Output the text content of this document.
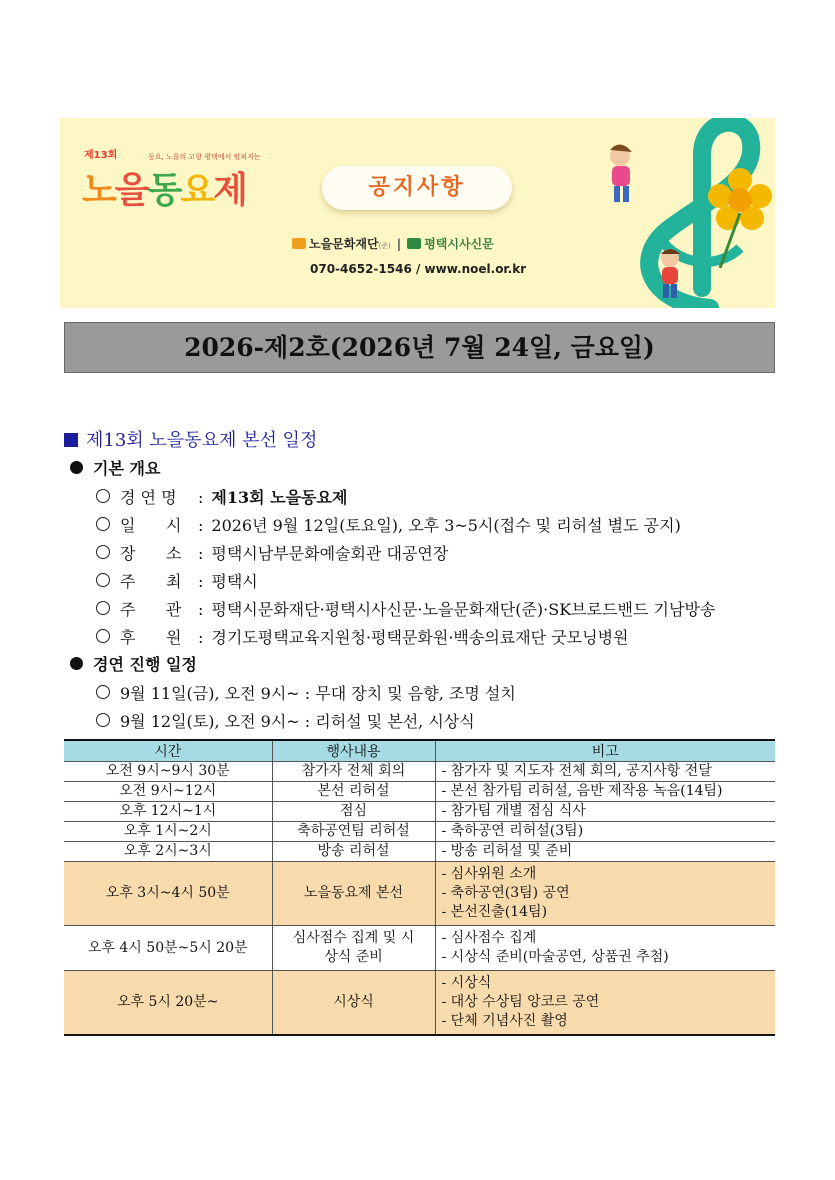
제13회	동요, 노을의 고향 평택에서 펼쳐지는
노을동요제	공지사항
노을문화재단(준) | 평택시사신문
070-4652-1546 / www.noel.or.kr
2026-제2호(2026년 7월 24일, 금요일)
제13회 노을동요제 본선 일정
기본 개요
경 연 명 : 제13회 노을동요제
일      시 : 2026년 9월 12일(토요일), 오후 3~5시(접수 및 리허설 별도 공지)
장      소 : 평택시남부문화예술회관 대공연장
주      최 : 평택시
주      관 : 평택시문화재단·평택시사신문·노을문화재단(준)·SK브로드밴드 기남방송
후      원 : 경기도평택교육지원청·평택문화원·백송의료재단 굿모닝병원
경연 진행 일정
9월 11일(금), 오전 9시~ : 무대 장치 및 음향, 조명 설치
9월 12일(토), 오전 9시~ : 리허설 및 본선, 시상식
시간	행사내용	비고
오전 9시~9시 30분	참가자 전체 회의	- 참가자 및 지도자 전체 회의, 공지사항 전달

오전 9시~12시	본선 리허설	- 본선 참가팀 리허설, 음반 제작용 녹음(14팀)

오후 12시~1시	점심	- 참가팀 개별 점심 식사

오후 1시~2시	축하공연팀 리허설	- 축하공연 리허설(3팀)

오후 2시~3시	방송 리허설	- 방송 리허설 및 준비

오후 3시~4시 50분	노을동요제 본선	- 심사위원 소개
- 축하공연(3팀) 공연
- 본선진출(14팀)

오후 4시 50분~5시 20분	심사점수 집계 및 시상식 준비	- 심사점수 집계
- 시상식 준비(마술공연, 상품권 추첨)

오후 5시 20분~	시상식	- 시상식
- 대상 수상팀 앙코르 공연
- 단체 기념사진 촬영
